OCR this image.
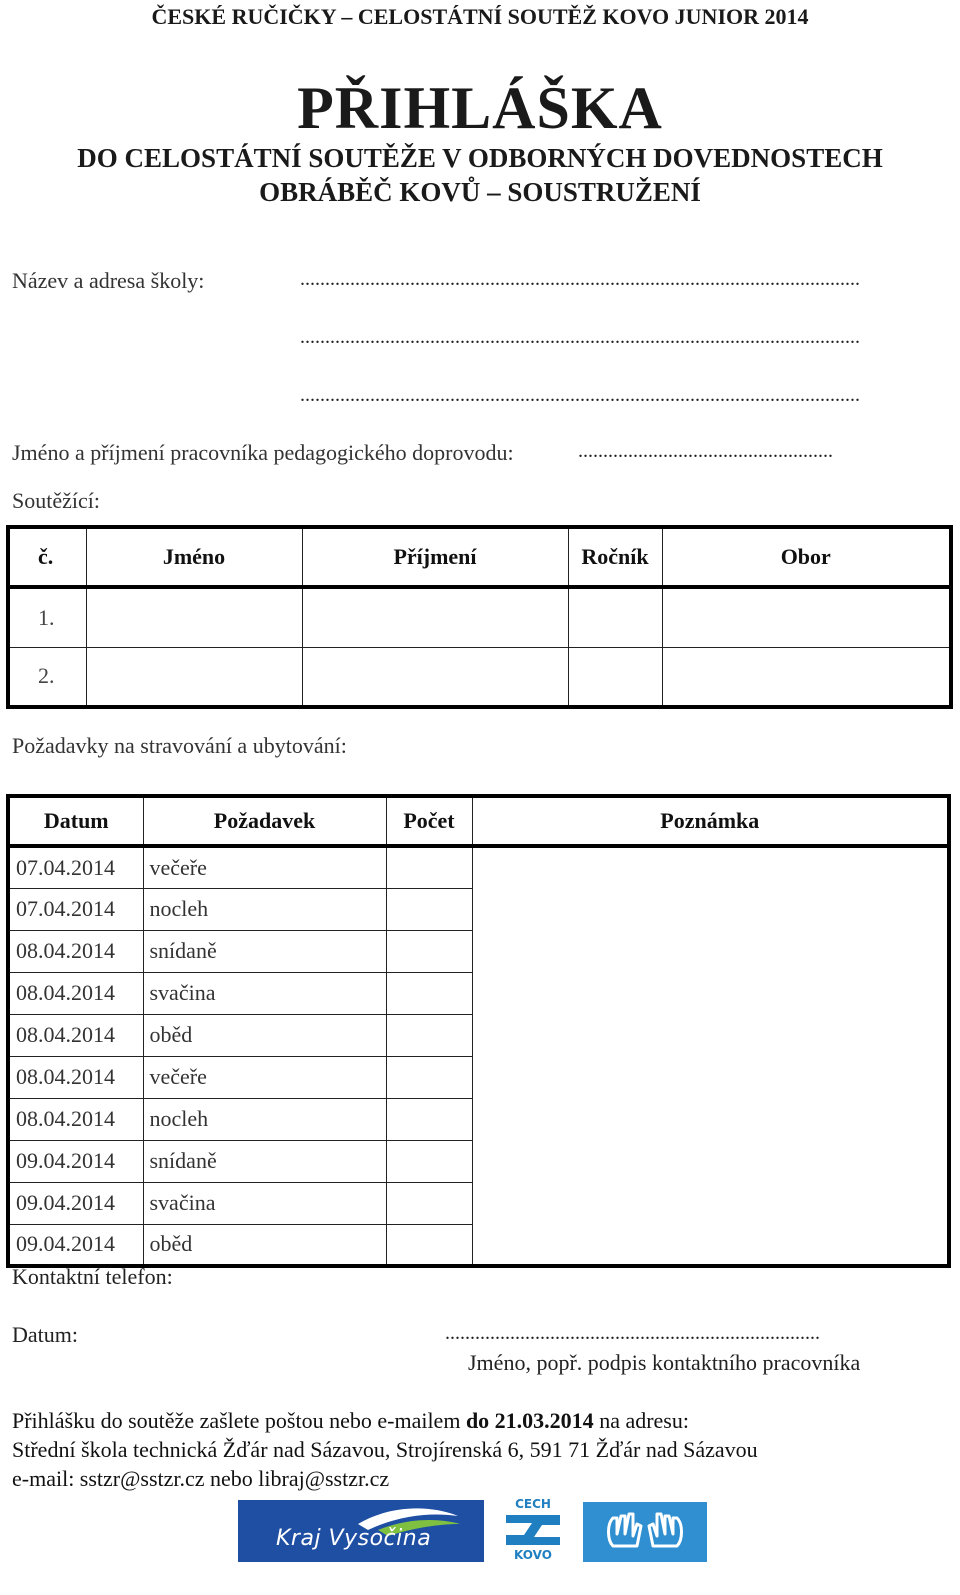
ČESKÉ RUČIČKY – CELOSTÁTNÍ SOUTĚŽ KOVO JUNIOR 2014
PŘIHLÁŠKA
DO CELOSTÁTNÍ SOUTĚŽE V ODBORNÝCH DOVEDNOSTECH
OBRÁBĚČ KOVŮ – SOUSTRUŽENÍ
Název a adresa školy:	................................................................................................................
................................................................................................................
................................................................................................................
Jméno a příjmení pracovníka pedagogického doprovodu:	...................................................
Soutěžící:
č.	Jméno	Příjmení	Ročník	Obor
1.				
2.				
Požadavky na stravování a ubytování:
Datum	Požadavek	Počet	Poznámka
07.04.2014	večeře		
07.04.2014	nocleh		
08.04.2014	snídaně		
08.04.2014	svačina		
08.04.2014	oběd		
08.04.2014	večeře		
08.04.2014	nocleh		
09.04.2014	snídaně		
09.04.2014	svačina		
09.04.2014	oběd		
Kontaktní telefon:
Datum:	...........................................................................
Jméno, popř. podpis kontaktního pracovníka
Přihlášku do soutěže zašlete poštou nebo e-mailem do 21.03.2014 na adresu:
Střední škola technická Žďár nad Sázavou, Strojírenská 6, 591 71 Žďár nad Sázavou
e-mail: sstzr@sstzr.cz nebo libraj@sstzr.cz
Kraj Vysočina
CECH
KOVO
